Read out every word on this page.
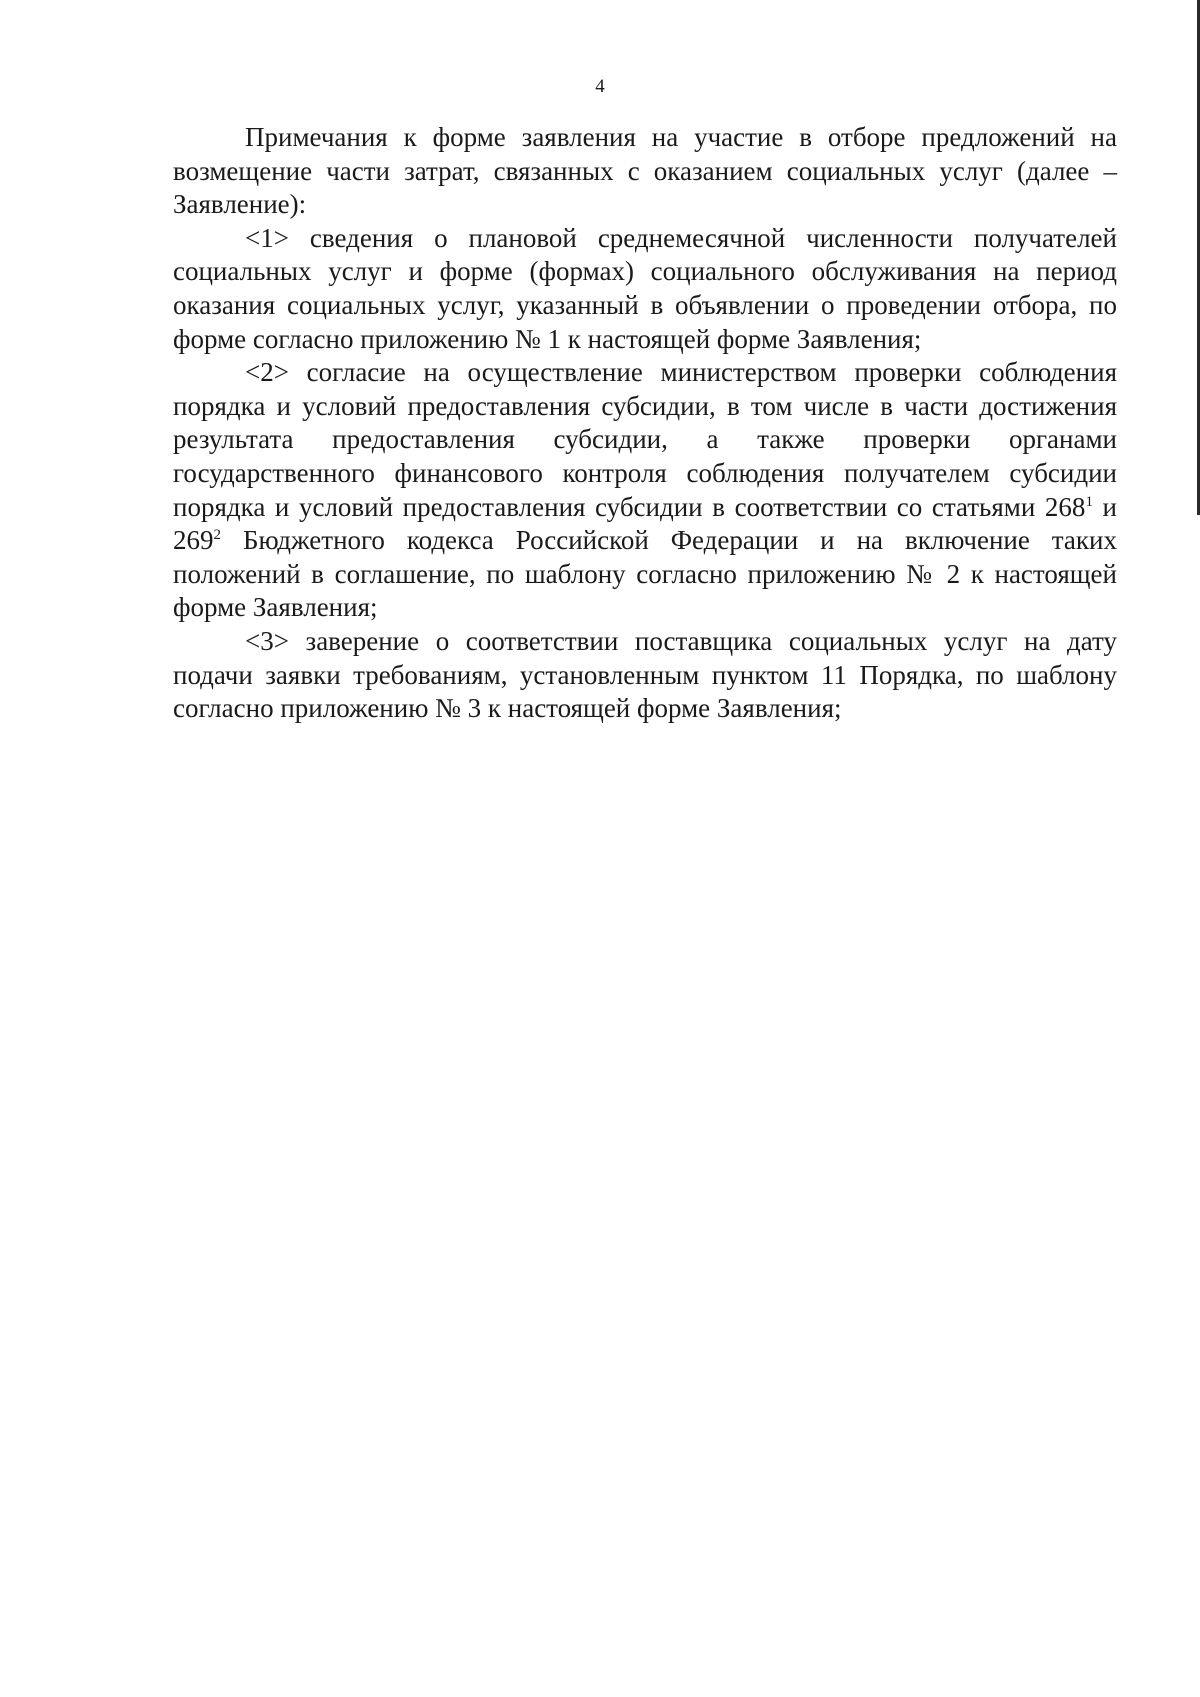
4

Примечания к форме заявления на участие в отборе предложений на возмещение части затрат, связанных с оказанием социальных услуг (далее – Заявление):

<1> сведения о плановой среднемесячной численности получателей социальных услуг и форме (формах) социального обслуживания на период оказания социальных услуг, указанный в объявлении о проведении отбора, по форме согласно приложению № 1 к настоящей форме Заявления;

<2> согласие на осуществление министерством проверки соблюдения порядка и условий предоставления субсидии, в том числе в части достижения результата предоставления субсидии, а также проверки органами государственного финансового контроля соблюдения получателем субсидии порядка и условий предоставления субсидии в соответствии со статьями $268^1$ и $269^2$ Бюджетного кодекса Российской Федерации и на включение таких положений в соглашение, по шаблону согласно приложению № 2 к настоящей форме Заявления;

<3> заверение о соответствии поставщика социальных услуг на дату подачи заявки требованиям, установленным пунктом 11 Порядка, по шаблону согласно приложению № 3 к настоящей форме Заявления;
